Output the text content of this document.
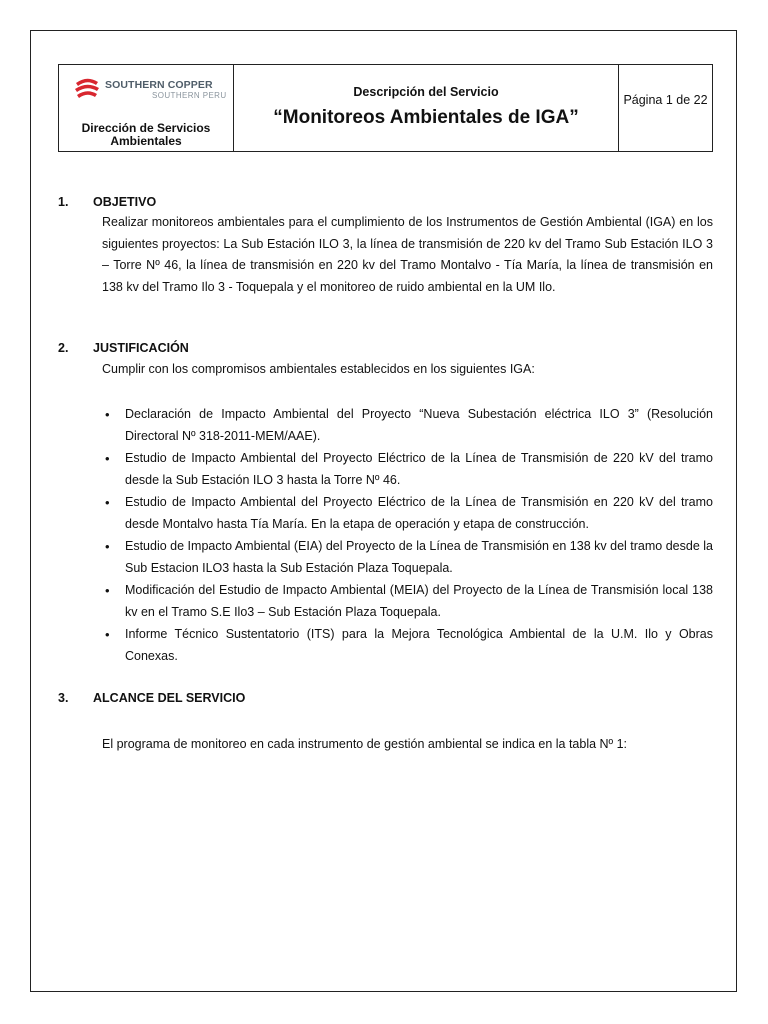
SOUTHERN COPPER
SOUTHERN PERU
Dirección de Servicios Ambientales
Descripción del Servicio
“Monitoreos Ambientales de IGA”
Página 1 de 22
1. OBJETIVO

Realizar monitoreos ambientales para el cumplimiento de los Instrumentos de Gestión Ambiental (IGA) en los siguientes proyectos: La Sub Estación ILO 3, la línea de transmisión de 220 kv del Tramo Sub Estación ILO 3 – Torre Nº 46, la línea de transmisión en 220 kv del Tramo Montalvo - Tía María, la línea de transmisión en 138 kv del Tramo Ilo 3 - Toquepala y el monitoreo de ruido ambiental en la UM Ilo.

2. JUSTIFICACIÓN

Cumplir con los compromisos ambientales establecidos en los siguientes IGA:

• Declaración de Impacto Ambiental del Proyecto “Nueva Subestación eléctrica ILO 3” (Resolución Directoral Nº 318-2011-MEM/AAE).
• Estudio de Impacto Ambiental del Proyecto Eléctrico de la Línea de Transmisión de 220 kV del tramo desde la Sub Estación ILO 3 hasta la Torre Nº 46.
• Estudio de Impacto Ambiental del Proyecto Eléctrico de la Línea de Transmisión en 220 kV del tramo desde Montalvo hasta Tía María. En la etapa de operación y etapa de construcción.
• Estudio de Impacto Ambiental (EIA) del Proyecto de la Línea de Transmisión en 138 kv del tramo desde la Sub Estacion ILO3 hasta la Sub Estación Plaza Toquepala.
• Modificación del Estudio de Impacto Ambiental (MEIA) del Proyecto de la Línea de Transmisión local 138 kv en el Tramo S.E Ilo3 – Sub Estación Plaza Toquepala.
• Informe Técnico Sustentatorio (ITS) para la Mejora Tecnológica Ambiental de la U.M. Ilo y Obras Conexas.
3. ALCANCE DEL SERVICIO

El programa de monitoreo en cada instrumento de gestión ambiental se indica en la tabla Nº 1:
